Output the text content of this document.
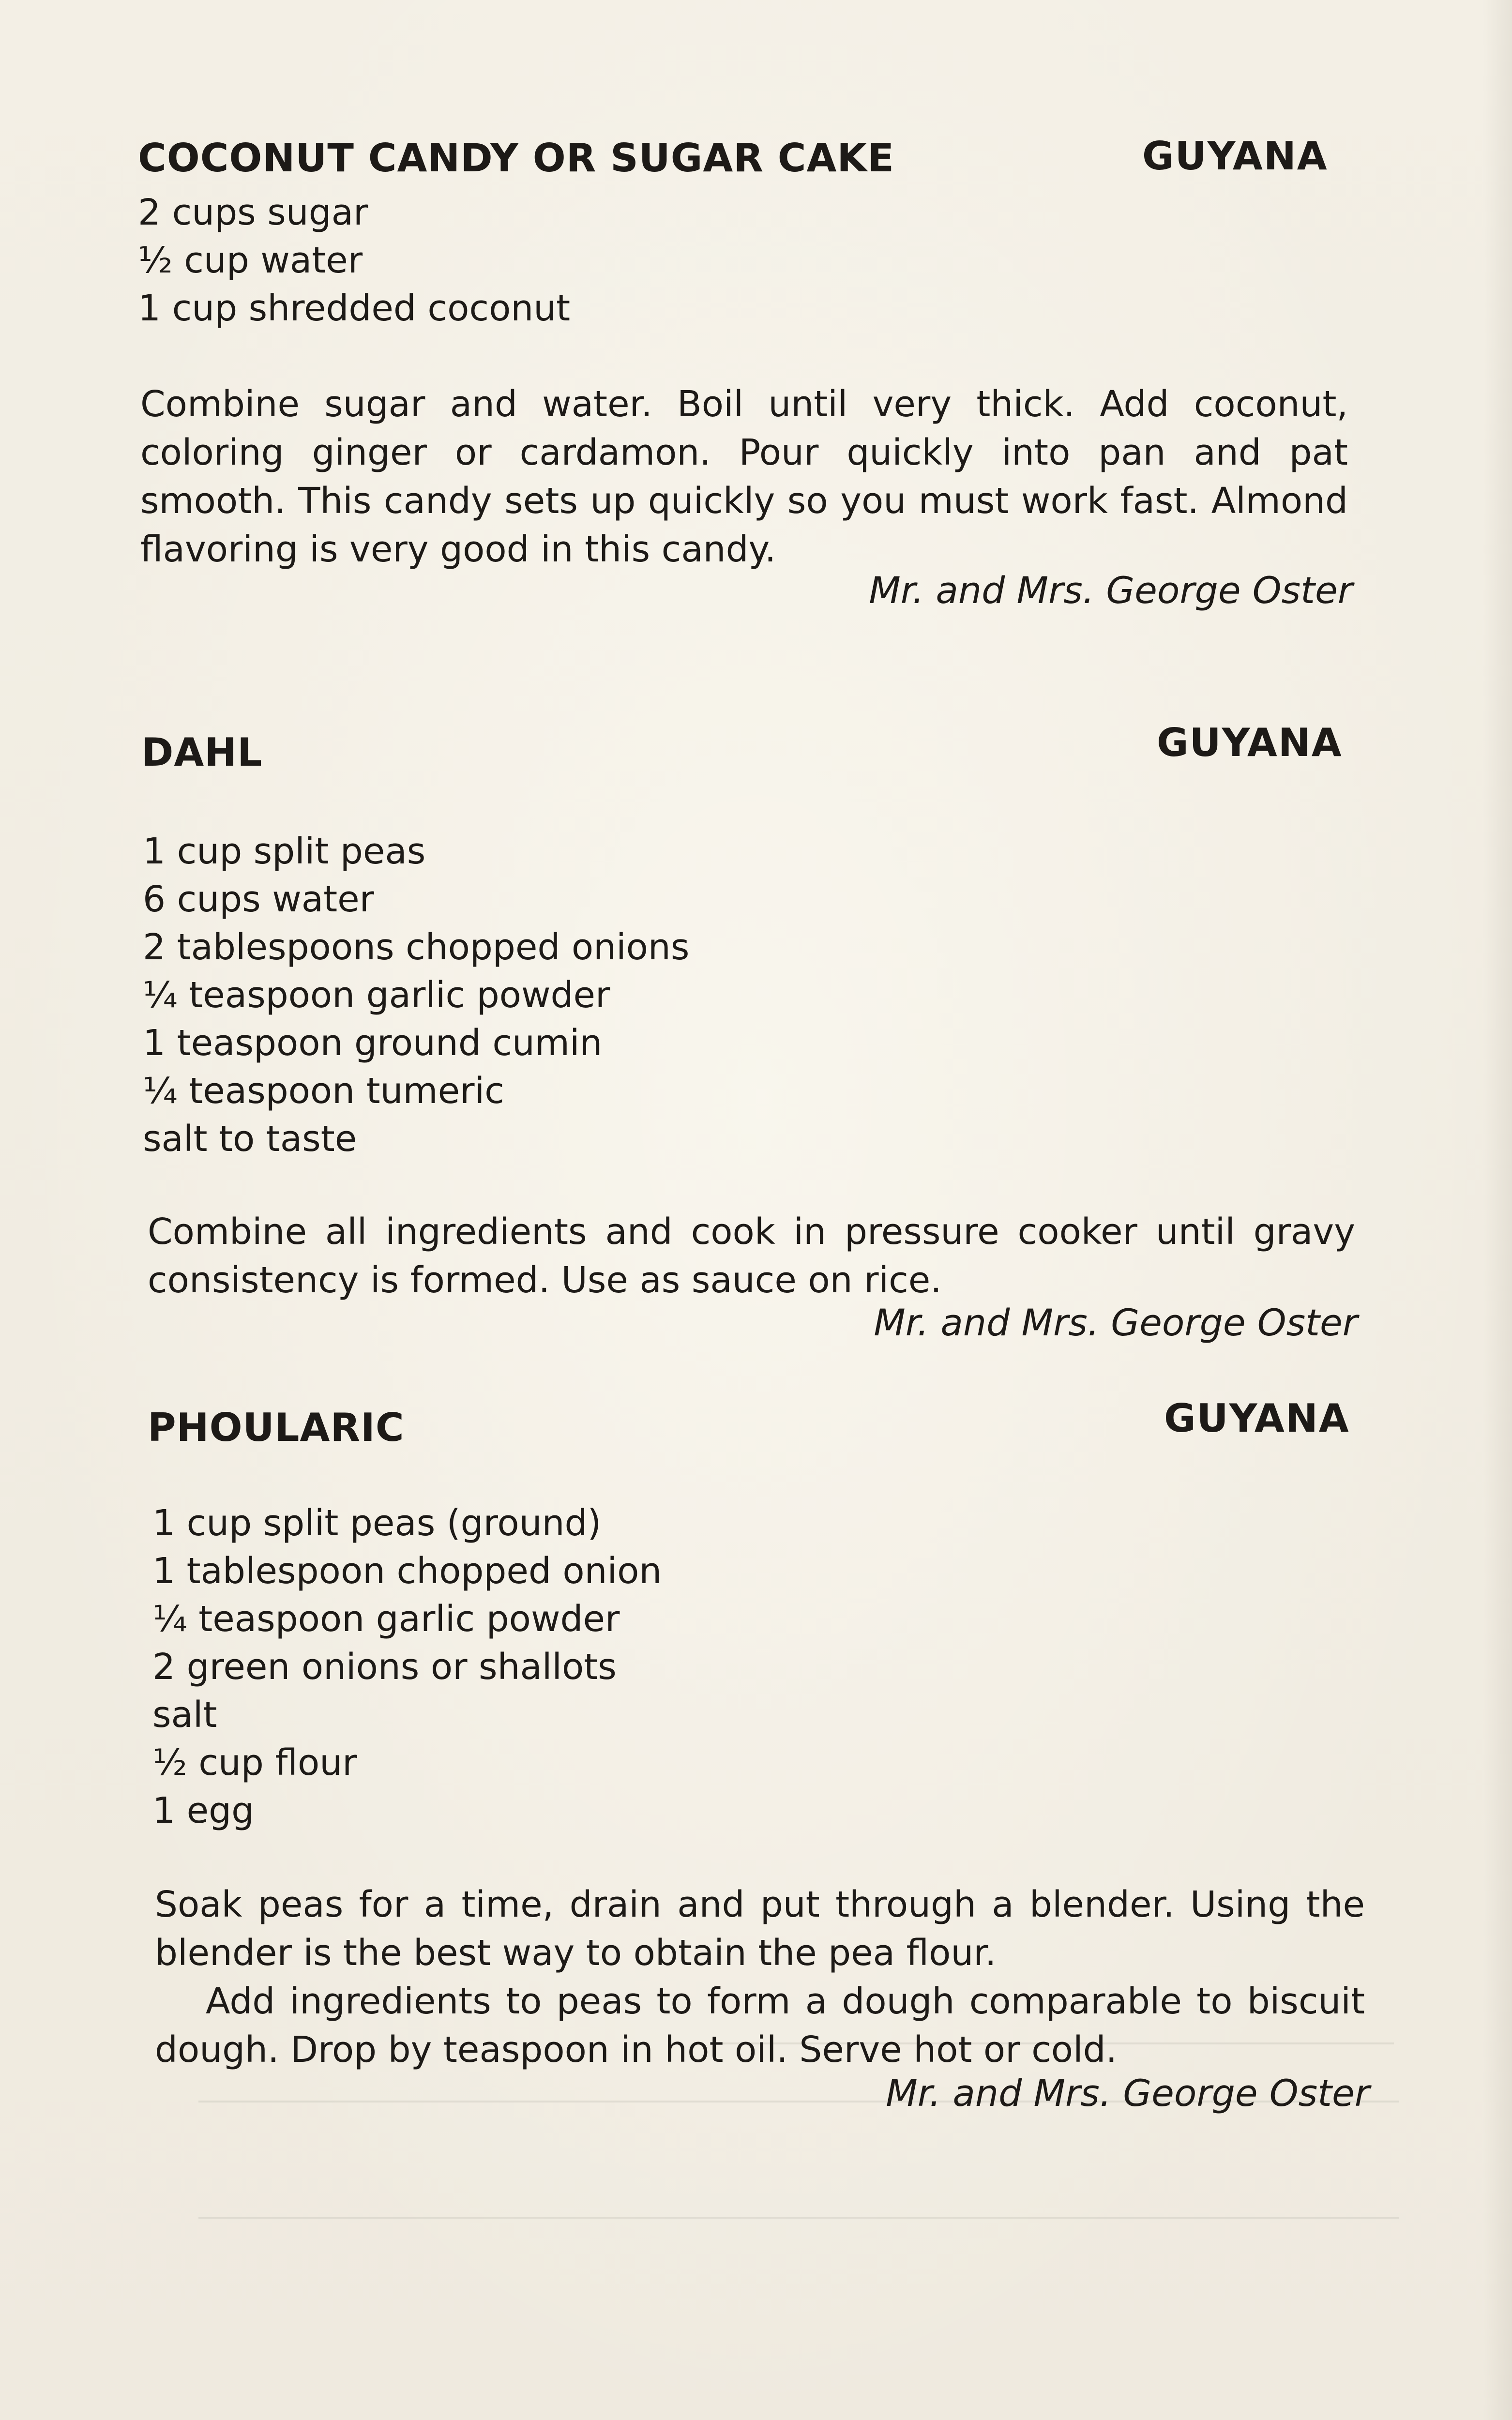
COCONUT CANDY OR SUGAR CAKE	GUYANA
2 cups sugar
½ cup water
1 cup shredded coconut

Combine sugar and water. Boil until very thick. Add coconut, coloring ginger or cardamon. Pour quickly into pan and pat smooth. This candy sets up quickly so you must work fast. Almond flavoring is very good in this candy.

Mr. and Mrs. George Oster
DAHL	GUYANA
1 cup split peas
6 cups water
2 tablespoons chopped onions
¼ teaspoon garlic powder
1 teaspoon ground cumin
¼ teaspoon tumeric
salt to taste

Combine all ingredients and cook in pressure cooker until gravy consistency is formed. Use as sauce on rice.

Mr. and Mrs. George Oster
PHOULARIC	GUYANA
1 cup split peas (ground)
1 tablespoon chopped onion
¼ teaspoon garlic powder
2 green onions or shallots
salt
½ cup flour
1 egg

Soak peas for a time, drain and put through a blender. Using the blender is the best way to obtain the pea flour.

Add ingredients to peas to form a dough comparable to biscuit dough. Drop by teaspoon in hot oil. Serve hot or cold.

Mr. and Mrs. George Oster
